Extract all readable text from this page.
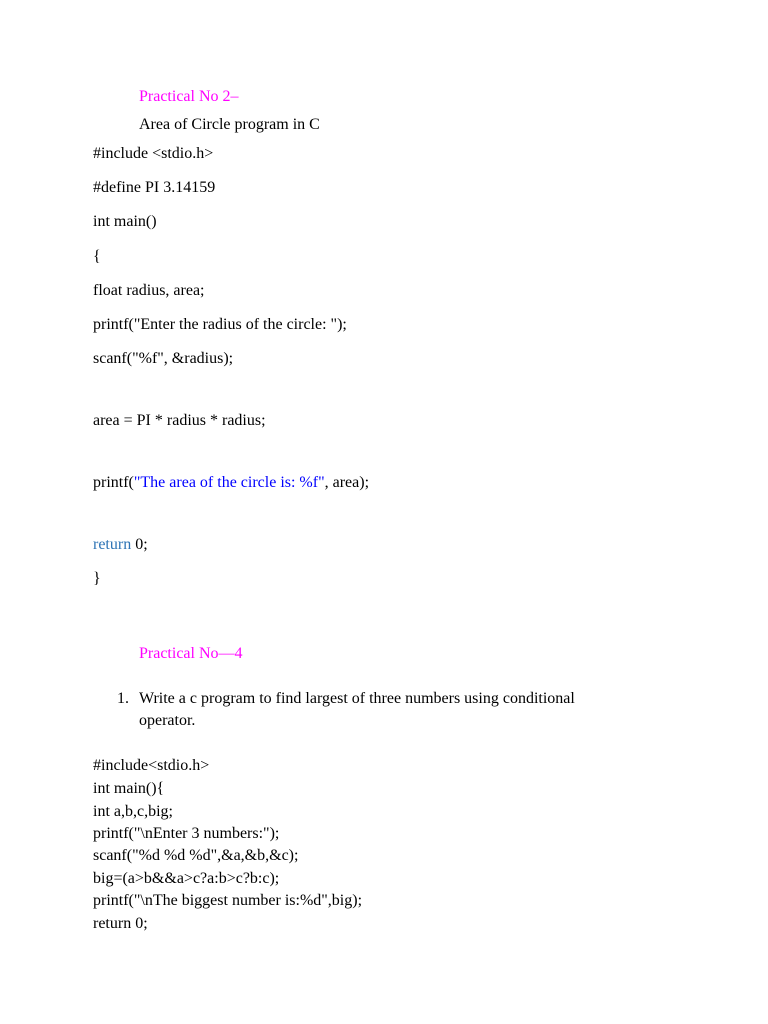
Practical No 2–
Area of Circle program in C
#include <stdio.h>
#define PI 3.14159
int main()
{
float radius, area;
printf("Enter the radius of the circle: ");
scanf("%f", &radius);
area = PI * radius * radius;
printf("The area of the circle is: %f", area);
return 0;
}
Practical No—4
1. Write a c program to find largest of three numbers using conditional
operator.
#include<stdio.h>
int main(){
int a,b,c,big;
printf("\nEnter 3 numbers:");
scanf("%d %d %d",&a,&b,&c);
big=(a>b&&a>c?a:b>c?b:c);
printf("\nThe biggest number is:%d",big);
return 0;
